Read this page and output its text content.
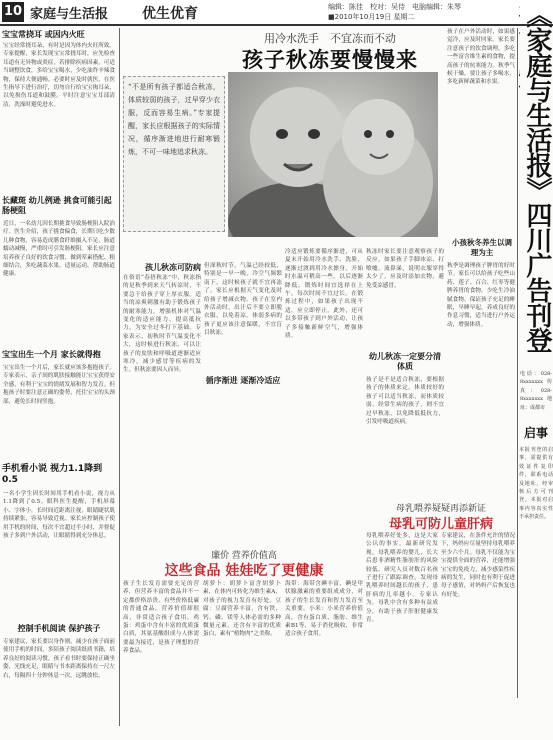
10 家庭与生活报 优生优育	编辑：陈佳　校对：吴侍　电脑编辑：朱琴
■2010年10月19日 星期二
宝宝常挠耳 或因内火旺
宝宝经常挠耳朵，有时是因为体内火旺所致。专家提醒，家长发现宝宝常挠耳时，应先检查耳道有无异物或炎症，若排除疾病因素，可适当调整饮食，多给宝宝喝水，少吃油炸辛辣食物，保持大便通畅。必要时应及时就医，在医生指导下进行治疗，切勿自行给宝宝掏耳朵，以免损伤耳道和鼓膜。平时注意宝宝耳部清洁，洗澡时避免进水。
长藏斑 幼儿例逊 挑食可能引起肠梗阻
近日，一名幼儿因长期挑食导致肠梗阻入院治疗。医生介绍，孩子挑食偏食，长期只吃少数几种食物，容易造成膳食纤维摄入不足，肠道蠕动减慢，严重时可引发肠梗阻。家长应注意培养孩子良好的饮食习惯，做到荤素搭配、粗细结合，多吃蔬菜水果，适量运动，帮助肠道健康。
宝宝出生一个月 家长就得抱
宝宝出生一个月后，家长就应该多抱抱孩子。专家表示，亲子间的肌肤接触能让宝宝获得安全感，有利于宝宝的情绪发展和智力发育。但抱孩子时要注意正确的姿势，托住宝宝的头颈部，避免长时间竖抱。
手机看小说 视力1.1降到0.5
一名小学生因长时间用手机看小说，视力从1.1降到了0.5。眼科医生提醒，手机屏幕小、字体小，长时间近距离注视，眼睛睫状肌持续紧张，容易导致近视。家长应控制孩子使用手机的时间，每次不宜超过半小时，并督促孩子多到户外活动，让眼睛得到充分休息。
控制手机阅读 保护孩子
专家建议，家长要以身作则，减少在孩子面前使用手机的时间，多陪孩子阅读纸质书籍，培养良好的阅读习惯。孩子看书时要保持正确坐姿，光线充足，眼睛与书本距离保持在一尺左右，每隔四十分钟休息一次，远眺放松。
用冷水洗手　不宜冻而不动
孩子秋冻要慢慢来
“不是所有孩子都适合秋冻，体质较弱的孩子，过早穿少衣服，反而容易生病。”专家提醒，家长应根据孩子的实际情况，循序渐进地进行耐寒锻炼，不可一味地追求秋冻。
孩儿秋冻可防病
在俗语“春捂秋冻”中，秋冻指的是秋季到来天气转凉时，不要急于给孩子穿上厚衣服。适当的凉爽刺激有助于锻炼孩子的耐寒能力，增强机体对气温变化的适应能力，提高抵抗力，为安全过冬打下基础。专家表示，初秋时节气温变化不大，这时候进行秋冻，可以让孩子的皮肤和呼吸道逐渐适应寒冷，减少感冒等疾病的发生。但秋冻要因人而异。
但深秋时节，气温已经较低，特别是一早一晚，冷空气频繁南下，这时候孩子就不宜再冻了。家长应根据天气变化及时给孩子增减衣物。孩子在室内外活动时，出汗后不要立即脱衣服，以免着凉。体弱多病的孩子更应该注意保暖，不宜盲目秋冻。
循序渐进 逐渐冷适应
冷适应锻炼要循序渐进，可从夏末开始用冷水洗手、洗脸，逐渐过渡到用冷水擦身。开始时水温可稍高一些，以后逐渐降低。锻炼时间宜选择在上午，每次时间不宜过长。在锻炼过程中，如果孩子出现不适，应立即停止。此外，还可以多带孩子到户外活动，让孩子多接触新鲜空气，增强体质。
秋冻时家长要注意观察孩子的反应，如果孩子手脚冰凉、打喷嚏、流鼻涕，说明衣服穿得太少了，应及时添加衣物，避免受凉感冒。
幼儿秋冻一定要分清体质
孩子是不是适合秋冻，要根据孩子的体质来定。体质较好的孩子可以适当秋冻，而体质较弱、经常生病的孩子，则不宜过早秋冻，以免降低抵抗力，引发呼吸道疾病。
孩子在户外活动时，如果感觉冷，应及时回家。家长要注意孩子的饮食调理，多吃一些富含维生素的食物，提高孩子的抗寒能力。秋季气候干燥，要让孩子多喝水，多吃新鲜蔬菜和水果。
小孩秋冬养生以调理为主
秋季是调理孩子脾胃的好时节。家长可以给孩子吃些山药、莲子、百合、红枣等健脾养胃的食物，少吃生冷油腻食物。保证孩子充足的睡眠，早睡早起，养成良好的作息习惯，适当进行户外运动，增强体质。
《家庭与生活报》四川广告刊登
电话：028-8xxxxxxx 传真：028-8xxxxxxx 地址：成都市
启事
本报刊登的启事，需提供有效证件复印件，联系电话及地址，经审核后方可刊登。本报对启事内容真实性不承担责任。
母乳喂养疑疑再添新证
母乳可防儿童肝病
母乳喂养好处多，这是大家公认的事实。最新研究发现，母乳喂养的婴儿，长大后患非酒精性脂肪肝的风险较低。研究人员对数百名孩子进行了跟踪调查，发现母乳喂养时间越长的孩子，患肝病的几率越小。专家认为，母乳中含有多种有益成分，有助于孩子肝脏健康发育。
专家建议，在条件允许的情况下，妈妈应尽量坚持母乳喂养至少六个月。母乳不仅能为宝宝提供全面的营养，还能增强宝宝的免疫力，减少感染性疾病的发生，同时也有利于促进母子感情，对妈妈产后恢复也有好处。
廉价 营养价值高
这些食品 娃娃吃了更健康
孩子生长发育需要充足的营养，但营养丰富的食品并不一定都价格昂贵。有些价格低廉的普通食品，营养价值却很高，非常适合孩子食用。鸡蛋：鸡蛋中含有丰富的优质蛋白质，其氨基酸组成与人体需要最为接近，是孩子理想的营养食品。
胡萝卜：胡萝卜富含胡萝卜素，在体内可转化为维生素A，对孩子的视力发育有好处。豆腐：豆腐营养丰富，含有铁、钙、磷、镁等人体必需的多种微量元素，还含有丰富的优质蛋白，素有“植物肉”之美称。
海带：海带含碘丰富，碘是甲状腺激素的重要组成成分，对孩子的生长发育和智力发育至关重要。小米：小米营养价值高，含有蛋白质、脂肪、维生素B1等，易于消化吸收，非常适合孩子食用。
